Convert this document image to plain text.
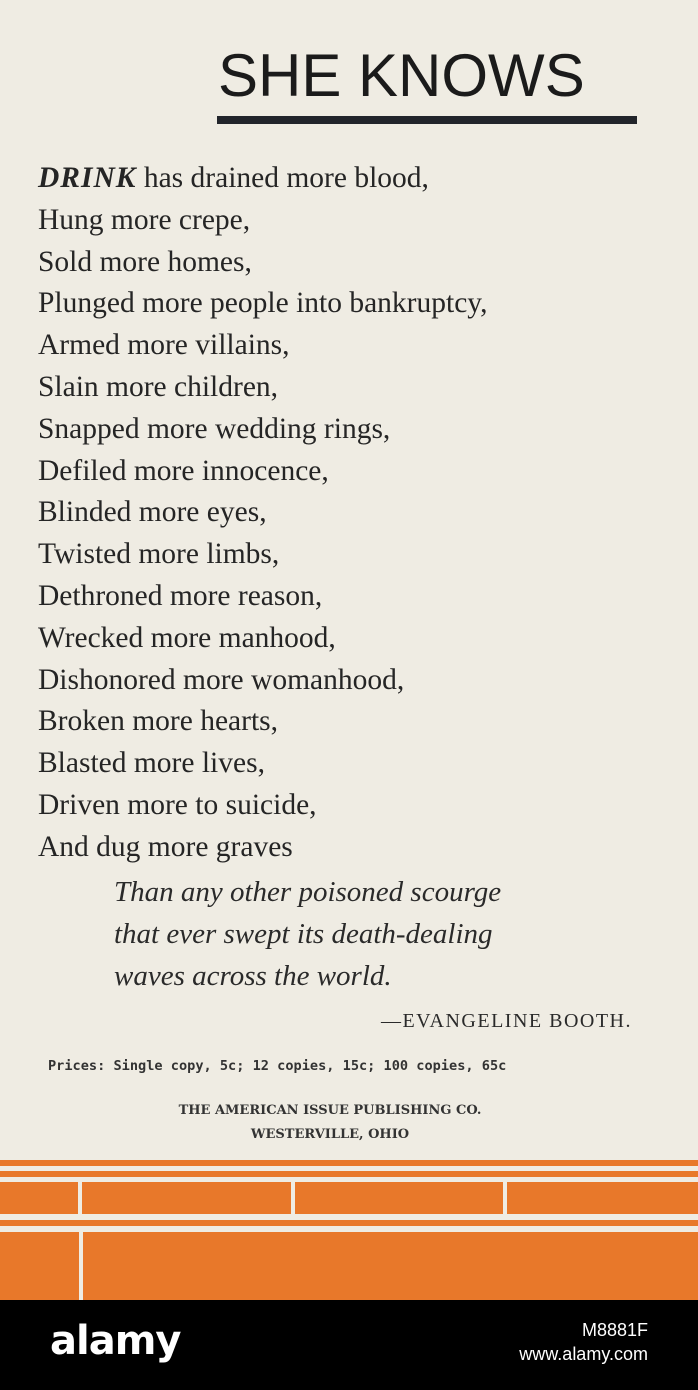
SHE KNOWS
DRINK has drained more blood,
Hung more crepe,
Sold more homes,
Plunged more people into bankruptcy,
Armed more villains,
Slain more children,
Snapped more wedding rings,
Defiled more innocence,
Blinded more eyes,
Twisted more limbs,
Dethroned more reason,
Wrecked more manhood,
Dishonored more womanhood,
Broken more hearts,
Blasted more lives,
Driven more to suicide,
And dug more graves
Than any other poisoned scourge
that ever swept its death-dealing
waves across the world.
—EVANGELINE BOOTH.
Prices: Single copy, 5c; 12 copies, 15c; 100 copies, 65c
THE AMERICAN ISSUE PUBLISHING CO.
WESTERVILLE, OHIO
alamy	M8881F
www.alamy.com
